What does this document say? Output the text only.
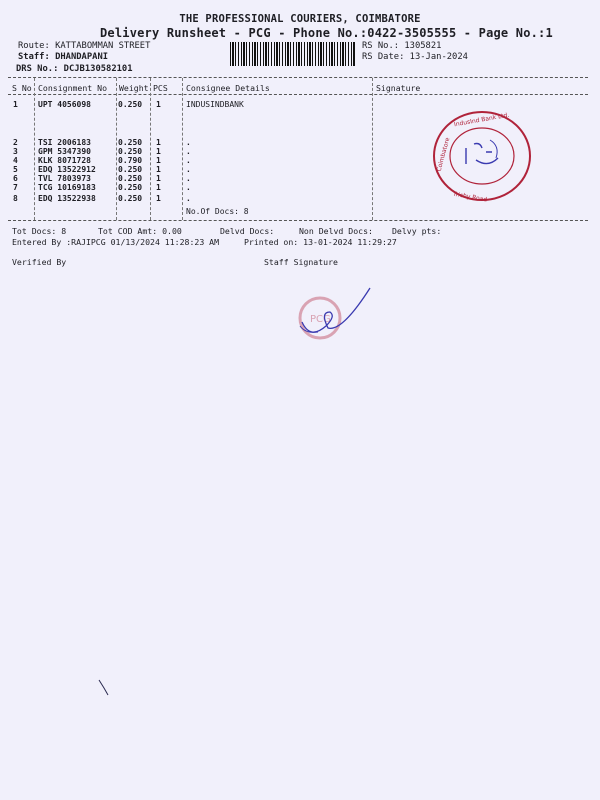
THE PROFESSIONAL COURIERS, COIMBATORE
Delivery Runsheet - PCG - Phone No.:0422-3505555 - Page No.:1
Route: KATTABOMMAN STREET
Staff: DHANDAPANI
DRS No.: DCJB130582101
RS No.: 1305821
RS Date: 13-Jan-2024
S No Consignment No Weight PCS Consignee Details	Signature
1	UPT 4056098	0.250 1	INDUSINDBANK
2	TSI 2006183	0.250 1	.
3	GPM 5347390	0.250 1	.
4	KLK 8071728	0.790 1	.
5	EDQ 13522912	0.250 1	.
6	TVL 7803973	0.250 1	.
7	TCG 10169183	0.250 1	.
8	EDQ 13522938	0.250 1	.
No.Of Docs: 8
IndusInd Bank Ltd.
Coimbatore
Trichy Road
Tot Docs: 8	Tot COD Amt: 0.00	Delvd Docs:	Non Delvd Docs: Delvy pts:
Entered By :RAJIPCG 01/13/2024 11:28:23 AM	Printed on: 13-01-2024 11:29:27
Verified By	Staff Signature
PCG
